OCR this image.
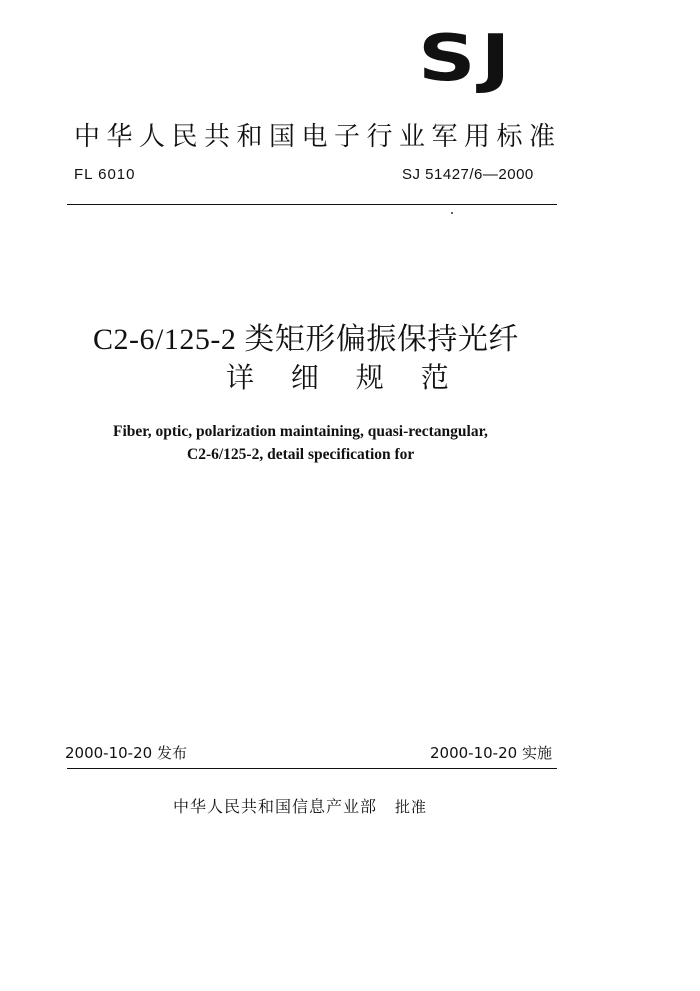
SJ
中华人民共和国电子行业军用标准
FL 6010	SJ 51427/6—2000
C2-6/125-2 类矩形偏振保持光纤
详 细 规 范
Fiber, optic, polarization maintaining, quasi-rectangular,
C2-6/125-2, detail specification for
2000-10-20 发布	2000-10-20 实施
中华人民共和国信息产业部 批准
